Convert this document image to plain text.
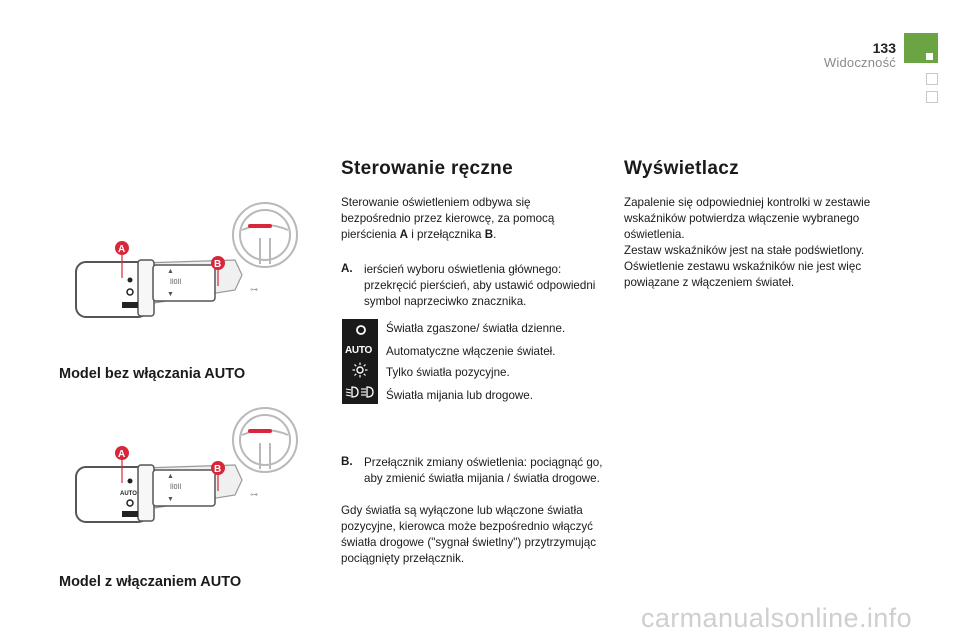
133
Widoczność
▲
ǀǀ0ǀǀ
▼
⊶
A
B
Model bez włączania AUTO
AUTO
▲
ǀǀ0ǀǀ
▼
⊶
A
B
Model z włączaniem AUTO
Sterowanie ręczne
Sterowanie oświetleniem odbywa się bezpośrednio przez kierowcę, za pomocą pierścienia A i przełącznika B.
A. ierścień wyboru oświetlenia głównego: przekręcić pierścień, aby ustawić odpowiedni symbol naprzeciwko znacznika.
AUTO
Światła zgaszone/ światła dzienne.
Automatyczne włączenie świateł.
Tylko światła pozycyjne.
Światła mijania lub drogowe.
B. Przełącznik zmiany oświetlenia: pociągnąć go, aby zmienić światła mijania / światła drogowe.
Gdy światła są wyłączone lub włączone światła pozycyjne, kierowca może bezpośrednio włączyć światła drogowe ("sygnał świetlny") przytrzymując pociągnięty przełącznik.
Wyświetlacz
Zapalenie się odpowiedniej kontrolki w zestawie wskaźników potwierdza włączenie wybranego oświetlenia.
Zestaw wskaźników jest na stałe podświetlony. Oświetlenie zestawu wskaźników nie jest więc powiązane z włączeniem świateł.
carmanualsonline.info
